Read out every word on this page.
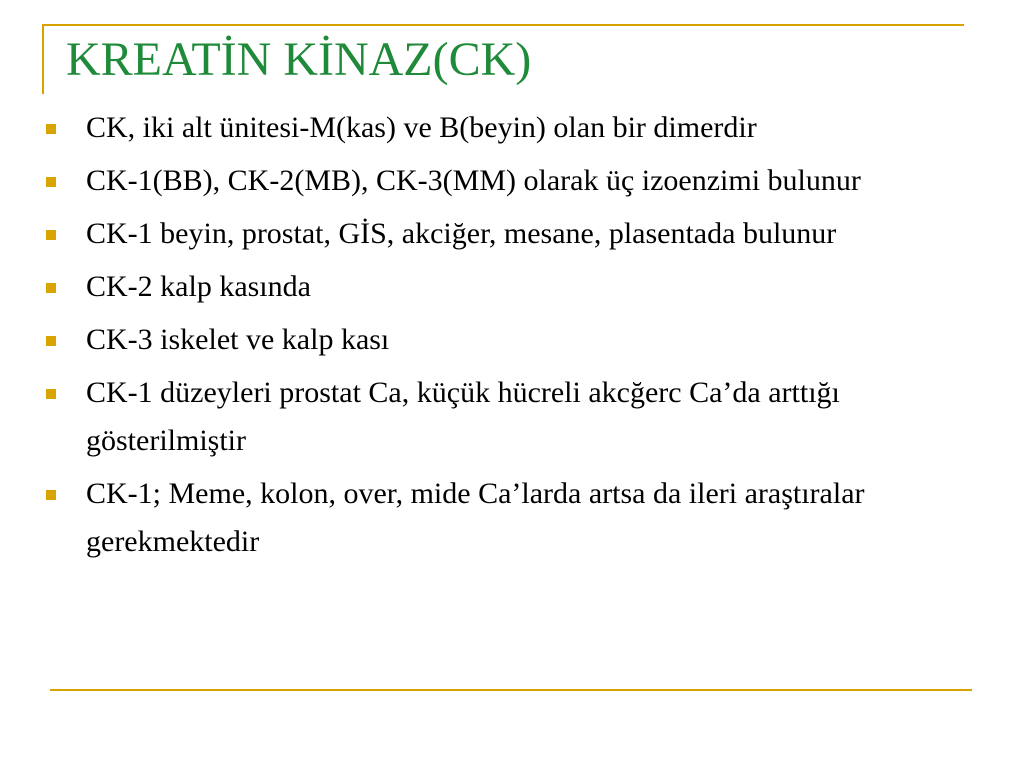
KREATİN KİNAZ(CK)
CK, iki alt ünitesi-M(kas) ve B(beyin) olan bir dimerdir
CK-1(BB), CK-2(MB), CK-3(MM) olarak üç izoenzimi bulunur
CK-1 beyin, prostat, GİS, akciğer, mesane, plasentada bulunur
CK-2 kalp kasında
CK-3 iskelet ve kalp kası
CK-1 düzeyleri prostat Ca, küçük hücreli akcğerc Ca’da arttığı gösterilmiştir
CK-1; Meme, kolon, over, mide Ca’larda artsa da ileri araştıralar gerekmektedir
